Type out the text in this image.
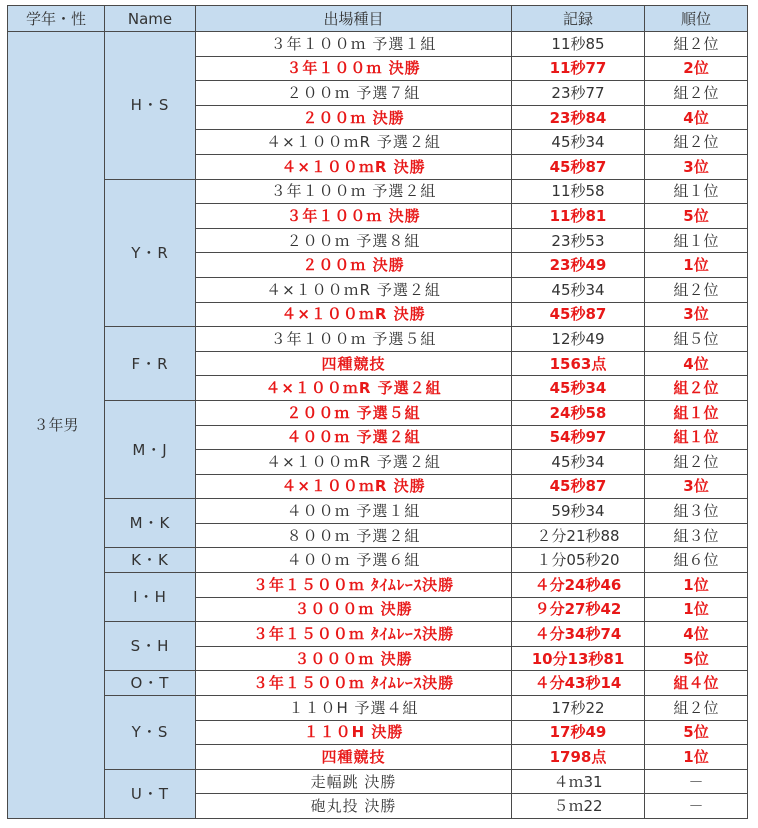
学年・性	Name	出場種目	記録	順位
３年男	H・S	３年１００ｍ 予選１組	11秒85	組２位
		３年１００ｍ 決勝	11秒77	2位
		２００ｍ 予選７組	23秒77	組２位
		２００ｍ 決勝	23秒84	4位
		４×１００ｍR 予選２組	45秒34	組２位
		４×１００ｍR 決勝	45秒87	3位
	Y・R	３年１００ｍ 予選２組	11秒58	組１位
		３年１００ｍ 決勝	11秒81	5位
		２００ｍ 予選８組	23秒53	組１位
		２００ｍ 決勝	23秒49	1位
		４×１００ｍR 予選２組	45秒34	組２位
		４×１００ｍR 決勝	45秒87	3位
	F・R	３年１００ｍ 予選５組	12秒49	組５位
		四種競技	1563点	4位
		４×１００ｍR 予選２組	45秒34	組２位
	M・J	２００ｍ 予選５組	24秒58	組１位
		４００ｍ 予選２組	54秒97	組１位
		４×１００ｍR 予選２組	45秒34	組２位
		４×１００ｍR 決勝	45秒87	3位
	M・K	４００ｍ 予選１組	59秒34	組３位
		８００ｍ 予選２組	２分21秒88	組３位
	K・K	４００ｍ 予選６組	１分05秒20	組６位
	I・H	３年１５００ｍ ﾀｲﾑﾚｰｽ決勝	４分24秒46	1位
		３０００ｍ 決勝	９分27秒42	1位
	S・H	３年１５００ｍ ﾀｲﾑﾚｰｽ決勝	４分34秒74	4位
		３０００ｍ 決勝	10分13秒81	5位
	O・T	３年１５００ｍ ﾀｲﾑﾚｰｽ決勝	４分43秒14	組４位
	Y・S	１１０H 予選４組	17秒22	組２位
		１１０H 決勝	17秒49	5位
		四種競技	1798点	1位
	U・T	走幅跳 決勝	４ｍ31	－
		砲丸投 決勝	５ｍ22	－
